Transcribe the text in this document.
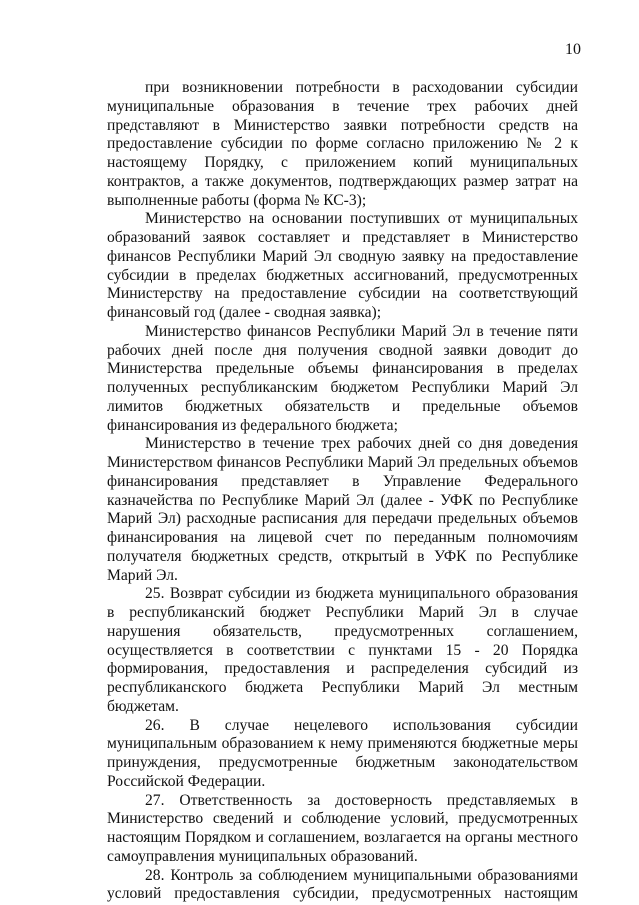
10

при возникновении потребности в расходовании субсидии муниципальные образования в течение трех рабочих дней представляют в Министерство заявки потребности средств на предоставление субсидии по форме согласно приложению № 2 к настоящему Порядку, с приложением копий муниципальных контрактов, а также документов, подтверждающих размер затрат на выполненные работы (форма № КС-3);

Министерство на основании поступивших от муниципальных образований заявок составляет и представляет в Министерство финансов Республики Марий Эл сводную заявку на предоставление субсидии в пределах бюджетных ассигнований, предусмотренных Министерству на предоставление субсидии на соответствующий финансовый год (далее - сводная заявка);

Министерство финансов Республики Марий Эл в течение пяти рабочих дней после дня получения сводной заявки доводит до Министерства предельные объемы финансирования в пределах полученных республиканским бюджетом Республики Марий Эл лимитов бюджетных обязательств и предельные объемов финансирования из федерального бюджета;

Министерство в течение трех рабочих дней со дня доведения Министерством финансов Республики Марий Эл предельных объемов финансирования представляет в Управление Федерального казначейства по Республике Марий Эл (далее - УФК по Республике Марий Эл) расходные расписания для передачи предельных объемов финансирования на лицевой счет по переданным полномочиям получателя бюджетных средств, открытый в УФК по Республике Марий Эл.

25. Возврат субсидии из бюджета муниципального образования в республиканский бюджет Республики Марий Эл в случае нарушения обязательств, предусмотренных соглашением, осуществляется в соответствии с пунктами 15 - 20 Порядка формирования, предоставления и распределения субсидий из республиканского бюджета Республики Марий Эл местным бюджетам.

26. В случае нецелевого использования субсидии муниципальным образованием к нему применяются бюджетные меры принуждения, предусмотренные бюджетным законодательством Российской Федерации.

27. Ответственность за достоверность представляемых в Министерство сведений и соблюдение условий, предусмотренных настоящим Порядком и соглашением, возлагается на органы местного самоуправления муниципальных образований.

28. Контроль за соблюдением муниципальными образованиями условий предоставления субсидии, предусмотренных настоящим
